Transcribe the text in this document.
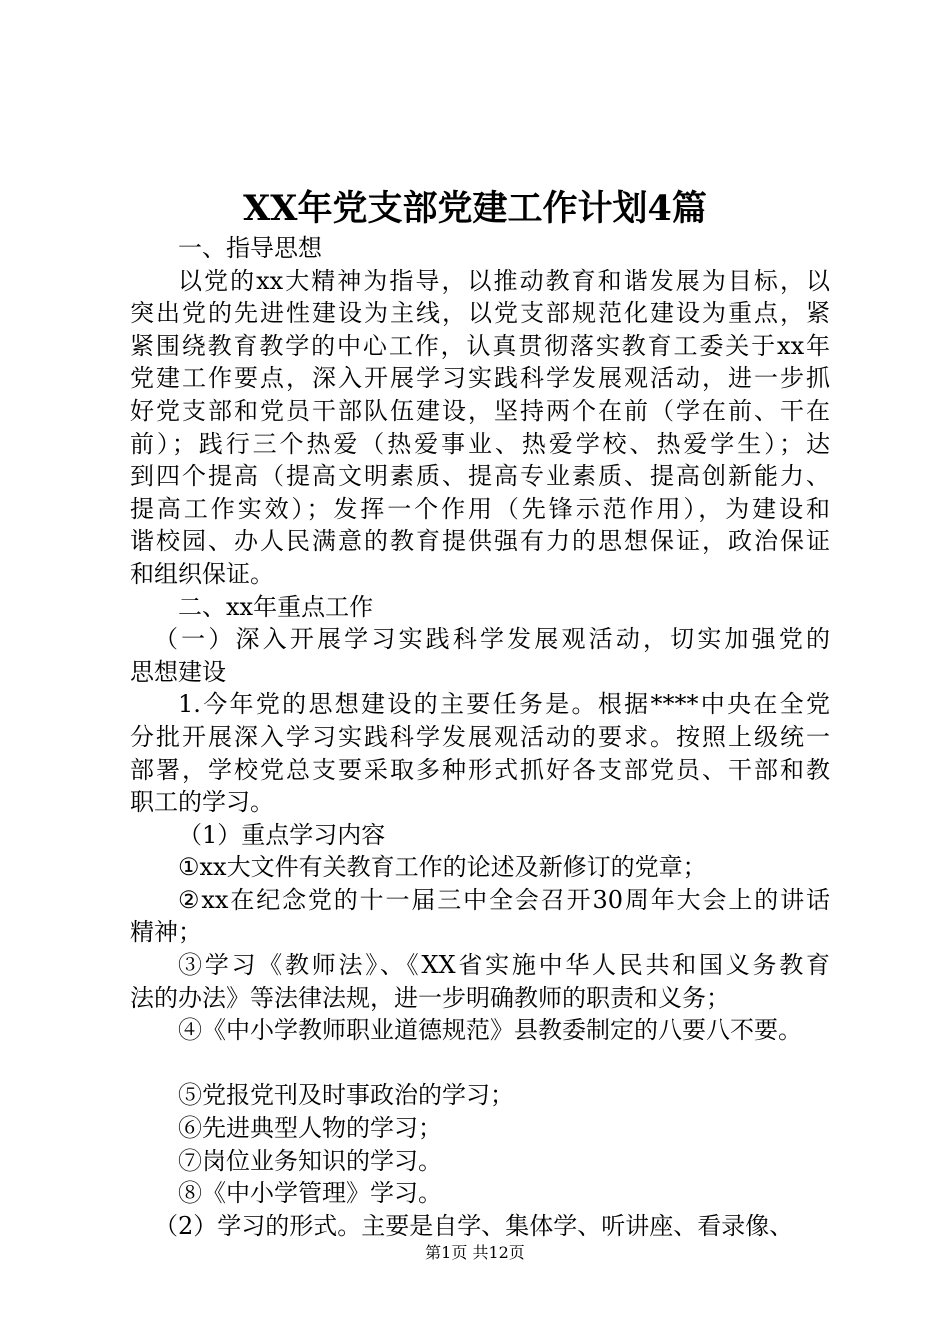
XX年党支部党建工作计划4篇
一、指导思想
以党的xx大精神为指导，以推动教育和谐发展为目标，以
突出党的先进性建设为主线，以党支部规范化建设为重点，紧
紧围绕教育教学的中心工作，认真贯彻落实教育工委关于xx年
党建工作要点，深入开展学习实践科学发展观活动，进一步抓
好党支部和党员干部队伍建设，坚持两个在前（学在前、干在
前）；践行三个热爱（热爱事业、热爱学校、热爱学生）；达
到四个提高（提高文明素质、提高专业素质、提高创新能力、
提高工作实效）；发挥一个作用（先锋示范作用），为建设和
谐校园、办人民满意的教育提供强有力的思想保证，政治保证
和组织保证。
二、xx年重点工作
（一）深入开展学习实践科学发展观活动，切实加强党的
思想建设
1.今年党的思想建设的主要任务是。根据****中央在全党
分批开展深入学习实践科学发展观活动的要求。按照上级统一
部署，学校党总支要采取多种形式抓好各支部党员、干部和教
职工的学习。
（1）重点学习内容
①xx大文件有关教育工作的论述及新修订的党章；
②xx在纪念党的十一届三中全会召开30周年大会上的讲话
精神；
③学习《教师法》、《XX省实施中华人民共和国义务教育
法的办法》等法律法规，进一步明确教师的职责和义务；
④《中小学教师职业道德规范》县教委制定的八要八不要。
⑤党报党刊及时事政治的学习；
⑥先进典型人物的学习；
⑦岗位业务知识的学习。
⑧《中小学管理》学习。
（2）学习的形式。主要是自学、集体学、听讲座、看录像、
第1页 共12页
